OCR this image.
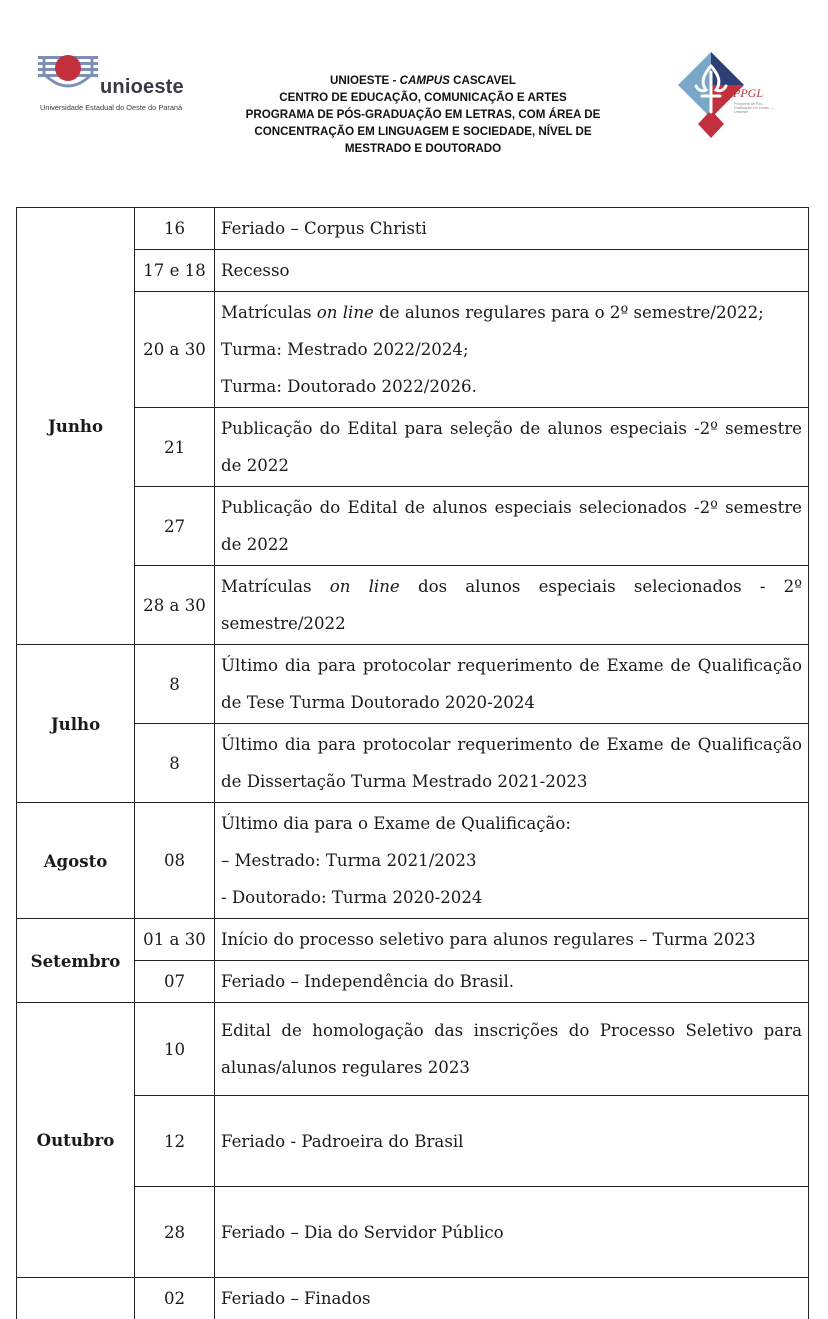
unioeste
Universidade Estadual do Oeste do Paraná
UNIOESTE - CAMPUS CASCAVEL
CENTRO DE EDUCAÇÃO, COMUNICAÇÃO E ARTES
PROGRAMA DE PÓS-GRADUAÇÃO EM LETRAS, COM ÁREA DE
CONCENTRAÇÃO EM LINGUAGEM E SOCIEDADE, NÍVEL DE
MESTRADO E DOUTORADO
PPGL
Programa de Pós-Graduação em Letras — Unioeste
Junho	16	Feriado – Corpus Christi
	17 e 18	Recesso
	20 a 30	Matrículas on line de alunos regulares para o 2º semestre/2022;
Turma: Mestrado 2022/2024;
Turma: Doutorado 2022/2026.

	21	Publicação do Edital para seleção de alunos especiais -2º semestre de 2022
	27	Publicação do Edital de alunos especiais selecionados -2º semestre de 2022
	28 a 30	Matrículas on line dos alunos especiais selecionados - 2º semestre/2022
Julho	8	Último dia para protocolar requerimento de Exame de Qualificação de Tese Turma Doutorado 2020-2024
	8	Último dia para protocolar requerimento de Exame de Qualificação de Dissertação Turma Mestrado 2021-2023
Agosto	08	Último dia para o Exame de Qualificação:
– Mestrado: Turma 2021/2023
- Doutorado: Turma 2020-2024

Setembro	01 a 30	Início do processo seletivo para alunos regulares – Turma 2023
	07	Feriado – Independência do Brasil.
Outubro	10	Edital de homologação das inscrições do Processo Seletivo para alunas/alunos regulares 2023
	12	Feriado - Padroeira do Brasil
	28	Feriado – Dia do Servidor Público
	02	Feriado – Finados
